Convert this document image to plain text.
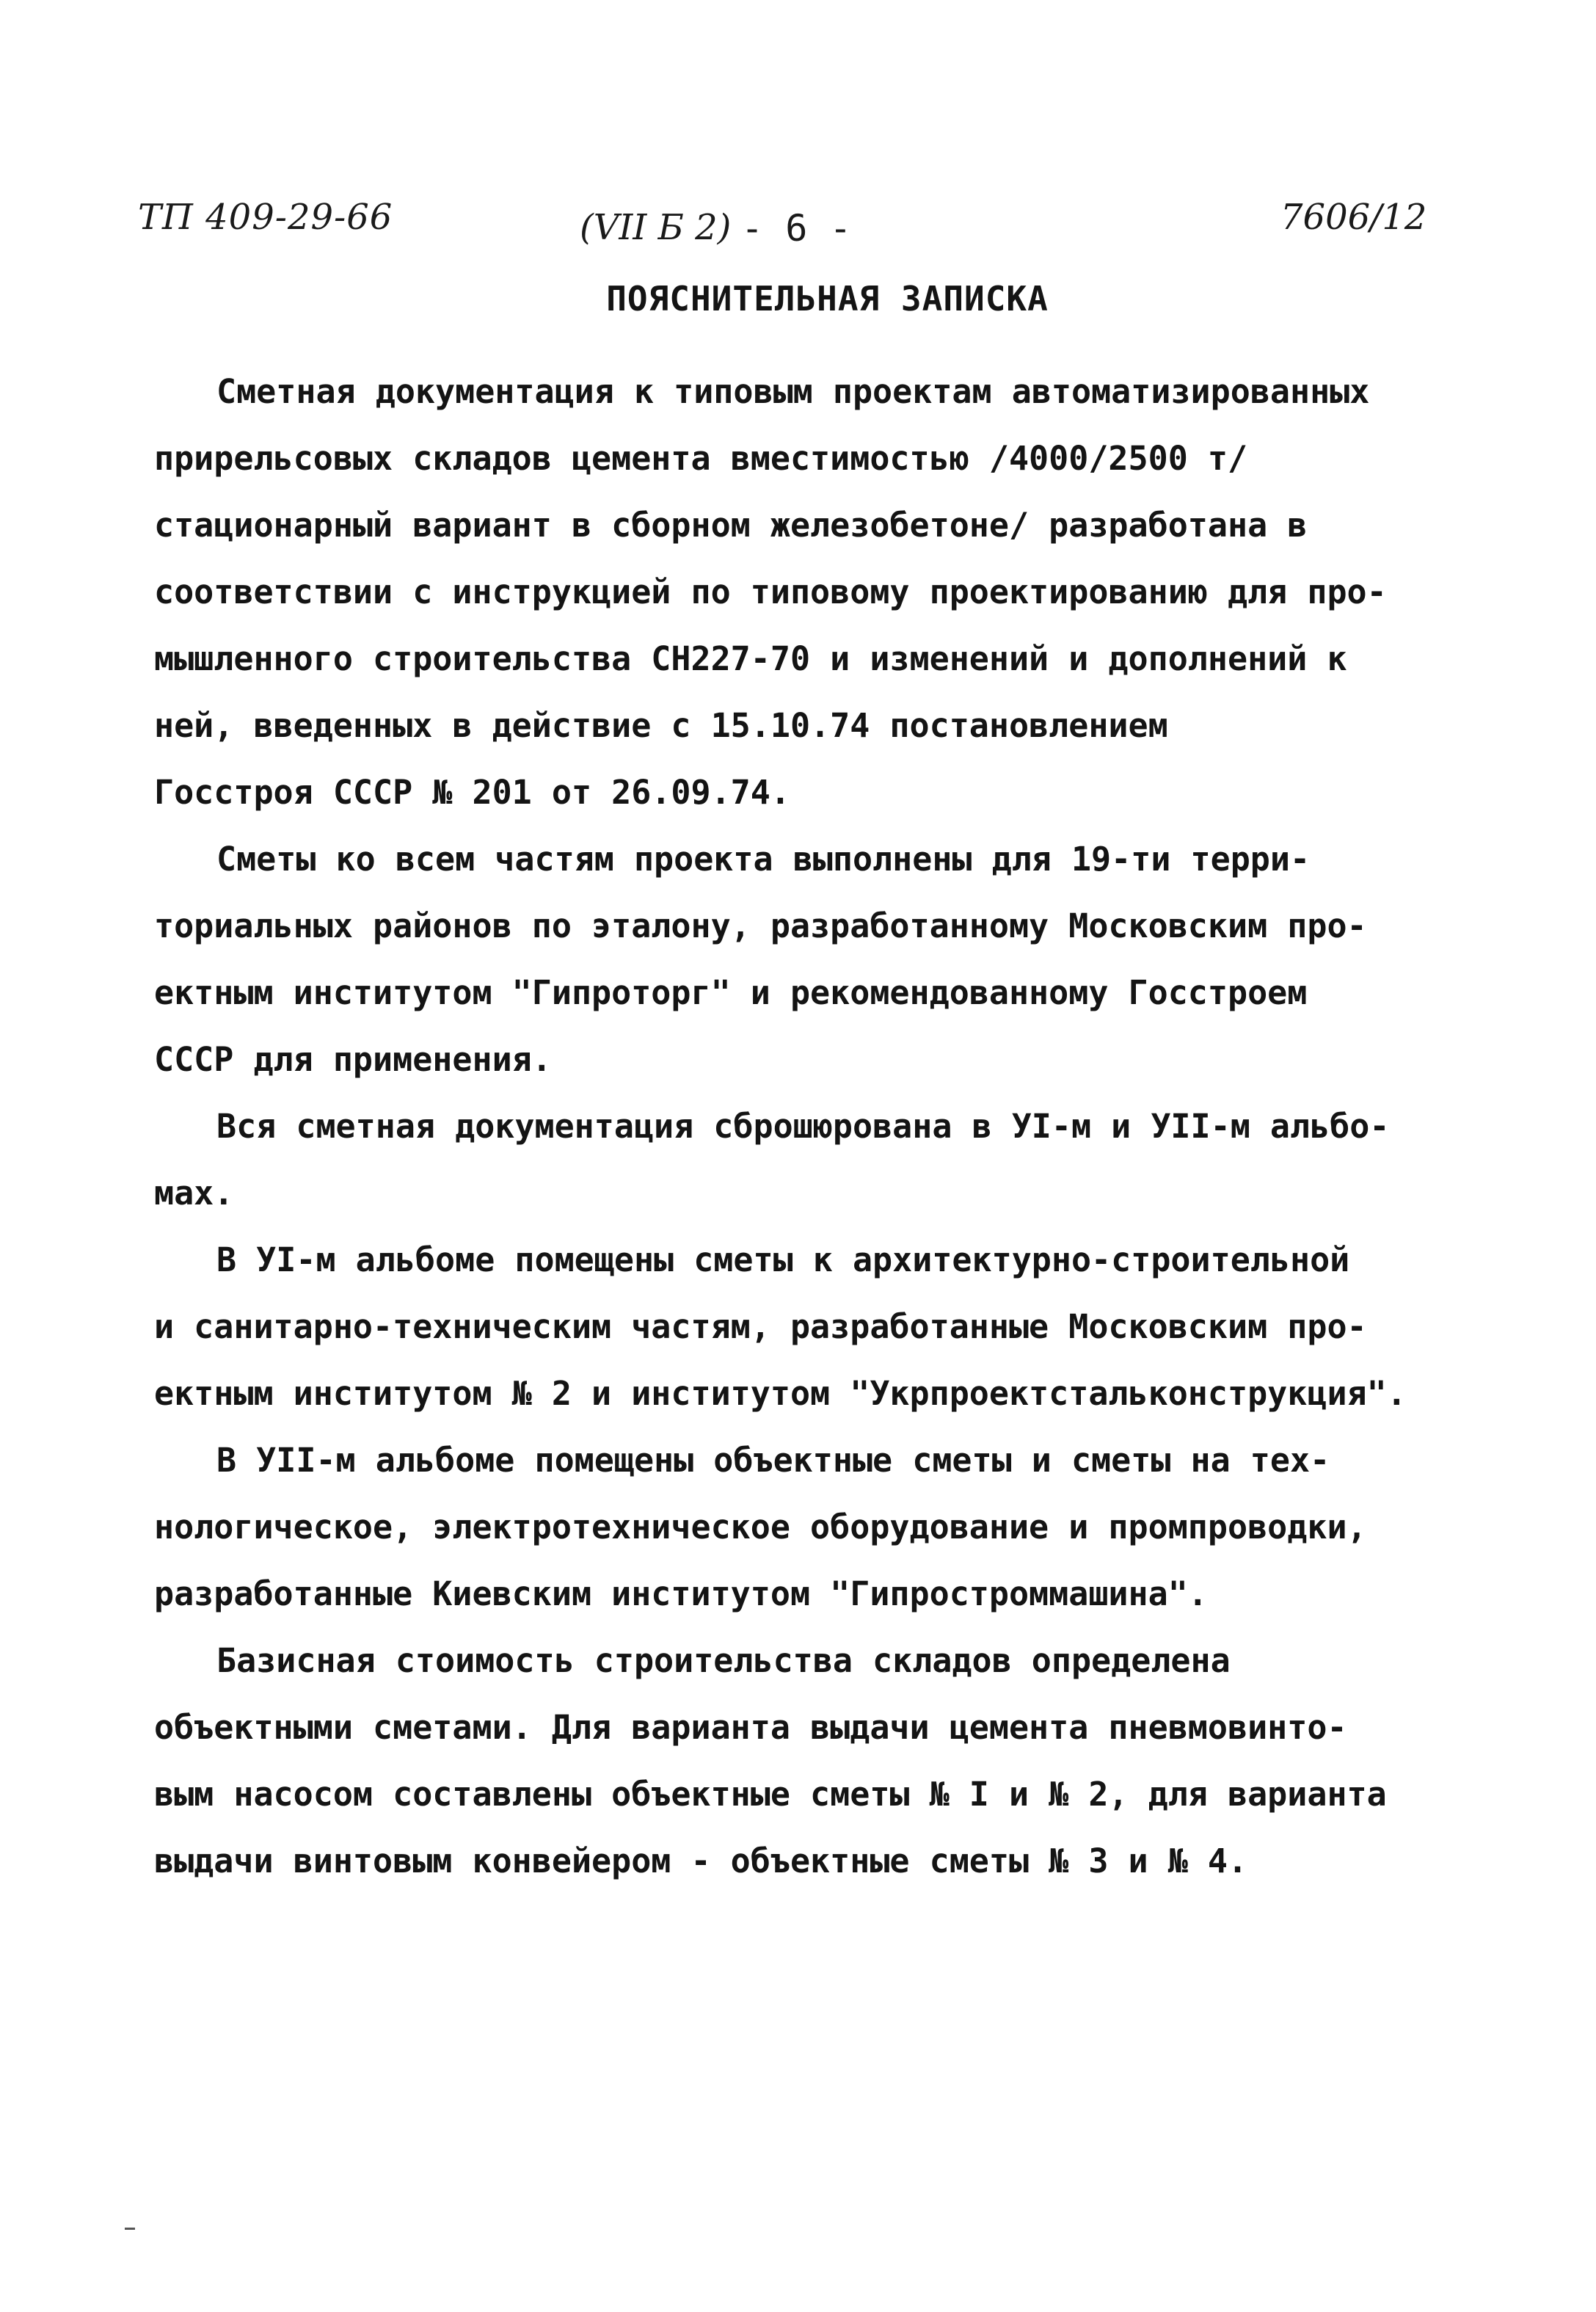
ТП 409-29-66	(VII Б 2) - 6 -	7606/12
ПОЯСНИТЕЛЬНАЯ ЗАПИСКА
Сметная документация к типовым проектам автоматизированных
прирельсовых складов цемента вместимостью /4000/2500 т/
стационарный вариант в сборном железобетоне/ разработана в
соответствии с инструкцией по типовому проектированию для про-
мышленного строительства СН227-70 и изменений и дополнений к
ней, введенных в действие с 15.10.74 постановлением
Госстроя СССР № 201 от 26.09.74.
Сметы ко всем частям проекта выполнены для 19-ти терри-
ториальных районов по эталону, разработанному Московским про-
ектным институтом "Гипроторг" и рекомендованному Госстроем
СССР для применения.
Вся сметная документация сброшюрована в УI-м и УII-м альбо-
мах.
В УI-м альбоме помещены сметы к архитектурно-строительной
и санитарно-техническим частям, разработанные Московским про-
ектным институтом № 2 и институтом "Укрпроектстальконструкция".
В УII-м альбоме помещены объектные сметы и сметы на тех-
нологическое, электротехническое оборудование и промпроводки,
разработанные Киевским институтом "Гипростроммашина".
Базисная стоимость строительства складов определена
объектными сметами. Для варианта выдачи цемента пневмовинто-
вым насосом составлены объектные сметы № I и № 2, для варианта
выдачи винтовым конвейером - объектные сметы № 3 и № 4.
